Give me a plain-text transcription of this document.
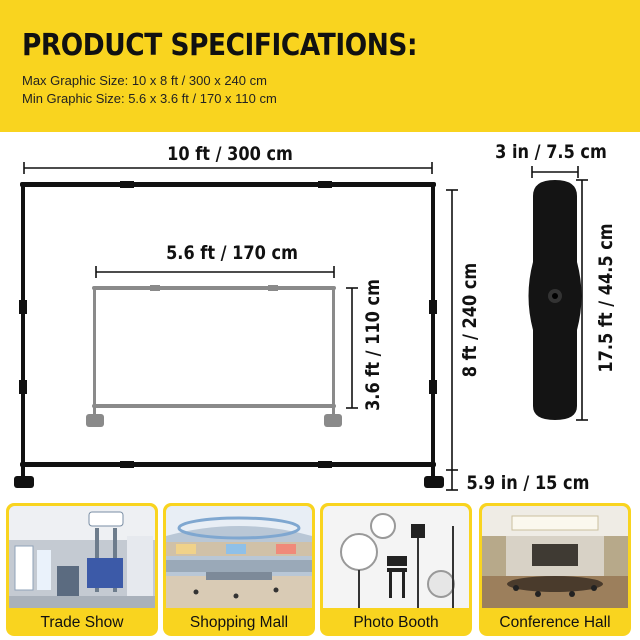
PRODUCT SPECIFICATIONS:
Max Graphic Size: 10 x 8 ft / 300 x 240 cm
Min Graphic Size: 5.6 x 3.6 ft / 170 x 110 cm
10 ft / 300 cm
8 ft / 240 cm
5.6 ft / 170 cm
3.6 ft / 110 cm
5.9 in / 15 cm
3 in / 7.5 cm
17.5 ft / 44.5 cm
Trade Show	Shopping Mall	Photo Booth	Conference Hall
